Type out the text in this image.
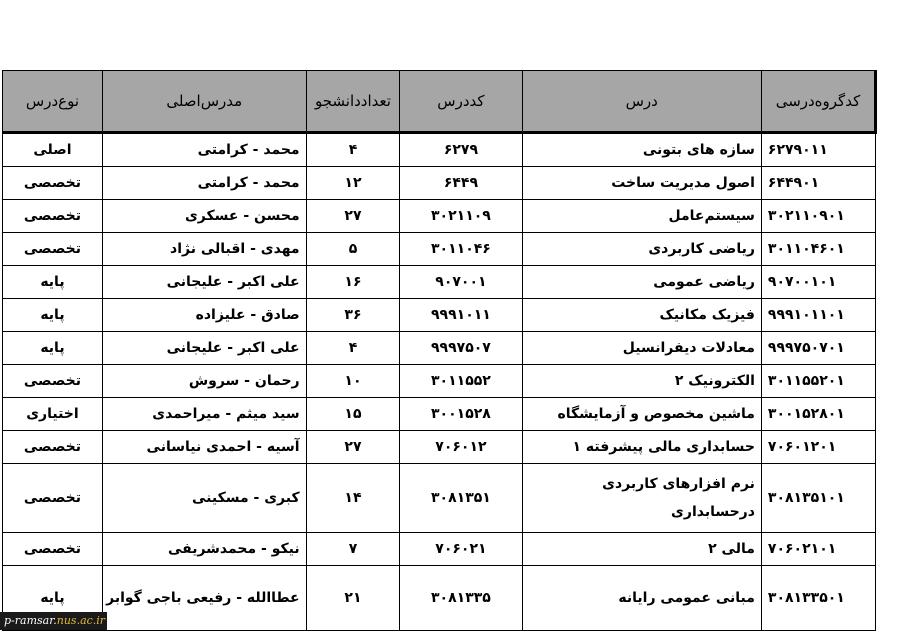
کدگروه‌درسی	درس	کددرس	تعداددانشجو	مدرس‌اصلی	نوع‌درس
۶۲۷۹۰۱۱	سازه های بتونی	۶۲۷۹	۴	محمد - کرامتی	اصلی
۶۴۴۹۰۱	اصول مدیریت ساخت	۶۴۴۹	۱۲	محمد - کرامتی	تخصصی
۳۰۲۱۱۰۹۰۱	سیستم‌عامل	۳۰۲۱۱۰۹	۲۷	محسن - عسکری	تخصصی
۳۰۱۱۰۴۶۰۱	ریاضی کاربردی	۳۰۱۱۰۴۶	۵	مهدی - اقبالی نژاد	تخصصی
۹۰۷۰۰۱۰۱	ریاضی عمومی	۹۰۷۰۰۱	۱۶	علی اکبر - علیجانی	پایه
۹۹۹۱۰۱۱۰۱	فیزیک مکانیک	۹۹۹۱۰۱۱	۳۶	صادق - علیزاده	پایه
۹۹۹۷۵۰۷۰۱	معادلات دیفرانسیل	۹۹۹۷۵۰۷	۴	علی اکبر - علیجانی	پایه
۳۰۱۱۵۵۲۰۱	الکترونیک ۲	۳۰۱۱۵۵۲	۱۰	رحمان - سروش	تخصصی
۳۰۰۱۵۲۸۰۱	ماشین مخصوص و آزمایشگاه	۳۰۰۱۵۲۸	۱۵	سید میثم - میراحمدی	اختیاری
۷۰۶۰۱۲۰۱	حسابداری مالی پیشرفته ۱	۷۰۶۰۱۲	۲۷	آسیه - احمدی نیاسانی	تخصصی
۳۰۸۱۳۵۱۰۱	نرم افزارهای کاربردی درحسابداری	۳۰۸۱۳۵۱	۱۴	کبری - مسکینی	تخصصی
۷۰۶۰۲۱۰۱	مالی ۲	۷۰۶۰۲۱	۷	نیکو - محمدشریفی	تخصصی
۳۰۸۱۳۳۵۰۱	مبانی عمومی رایانه	۳۰۸۱۳۳۵	۲۱	عطاالله - رفیعی باجی گوابر	پایه
p-ramsar.nus.ac.ir
